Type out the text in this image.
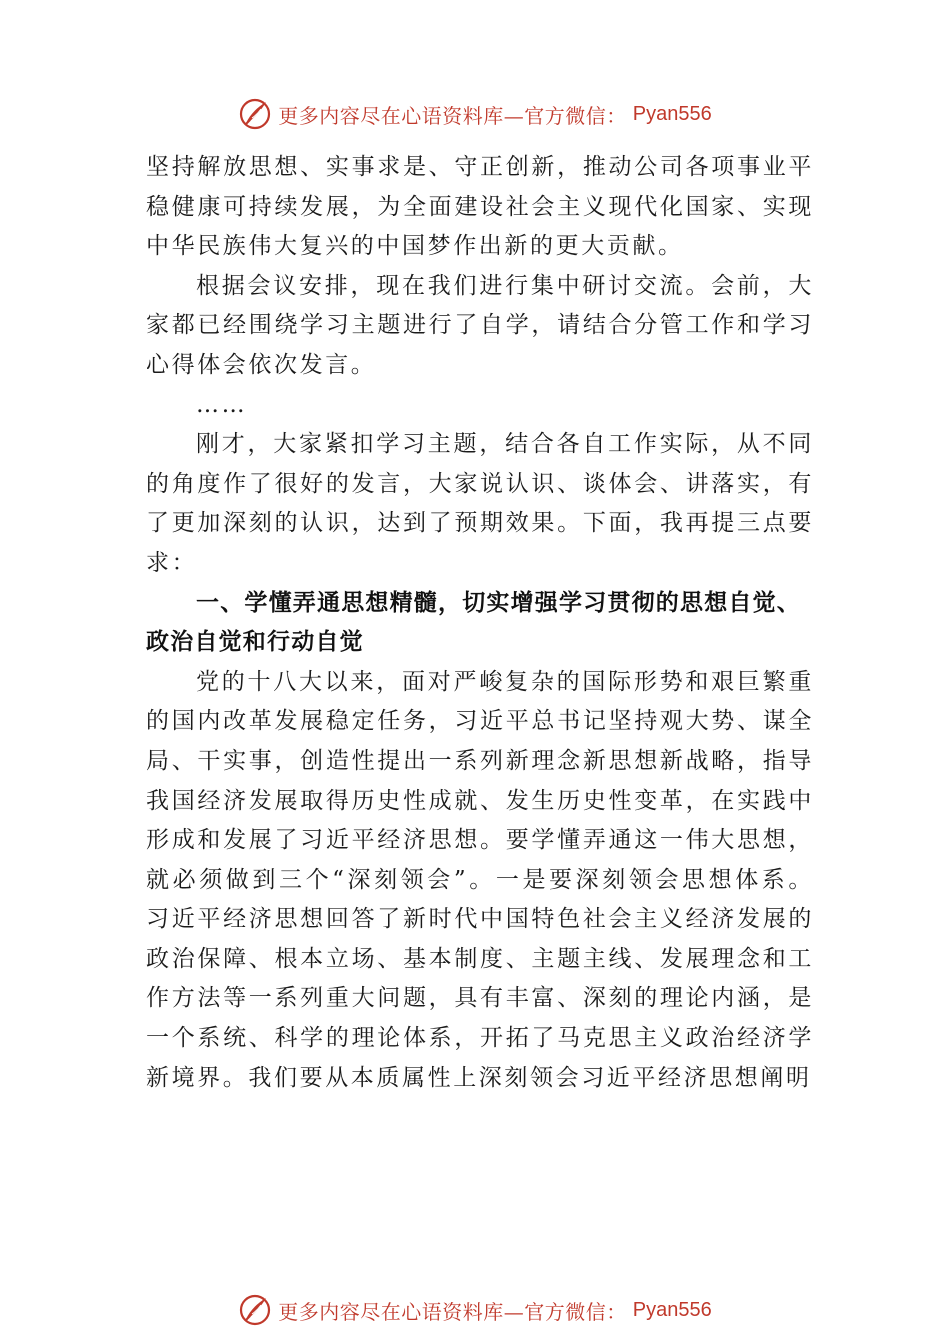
更多内容尽在心语资料库—官方微信： Pyan556

坚持解放思想、实事求是、守正创新，推动公司各项事业平稳健康可持续发展，为全面建设社会主义现代化国家、实现中华民族伟大复兴的中国梦作出新的更大贡献。

根据会议安排，现在我们进行集中研讨交流。会前，大家都已经围绕学习主题进行了自学，请结合分管工作和学习心得体会依次发言。

……

刚才，大家紧扣学习主题，结合各自工作实际，从不同的角度作了很好的发言，大家说认识、谈体会、讲落实，有了更加深刻的认识，达到了预期效果。下面，我再提三点要求：

一、学懂弄通思想精髓，切实增强学习贯彻的思想自觉、政治自觉和行动自觉

党的十八大以来，面对严峻复杂的国际形势和艰巨繁重的国内改革发展稳定任务，习近平总书记坚持观大势、谋全局、干实事，创造性提出一系列新理念新思想新战略，指导我国经济发展取得历史性成就、发生历史性变革，在实践中形成和发展了习近平经济思想。要学懂弄通这一伟大思想， 就必须做到三个“深刻领会”。一是要深刻领会思想体系。习近平经济思想回答了新时代中国特色社会主义经济发展的政治保障、根本立场、基本制度、主题主线、发展理念和工作方法等一系列重大问题，具有丰富、深刻的理论内涵，是一个系统、科学的理论体系，开拓了马克思主义政治经济学新境界。我们要从本质属性上深刻领会习近平经济思想阐明

更多内容尽在心语资料库—官方微信： Pyan556
